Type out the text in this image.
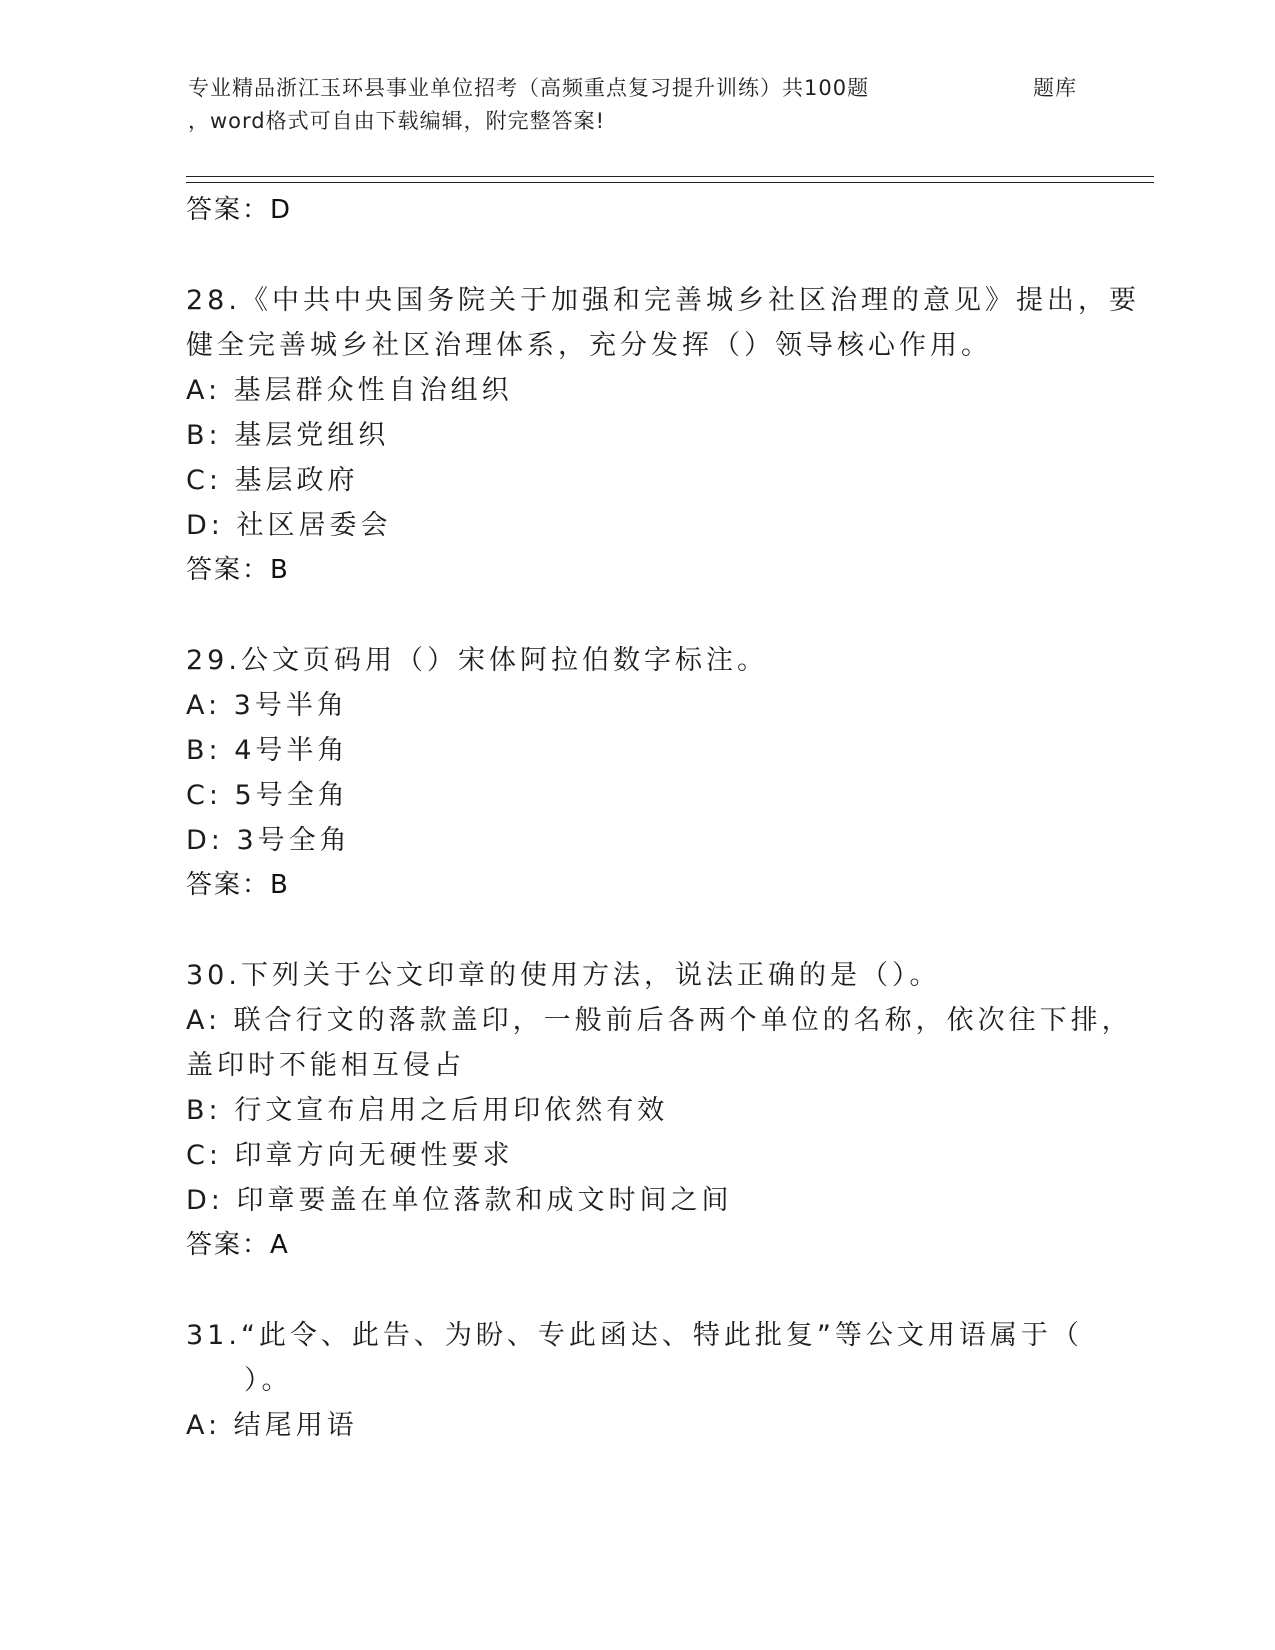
专业精品浙江玉环县事业单位招考（高频重点复习提升训练）共100题	题库
，word格式可自由下载编辑，附完整答案!
答案：D
28.《中共中央国务院关于加强和完善城乡社区治理的意见》提出，要
健全完善城乡社区治理体系，充分发挥（）领导核心作用。
A: 基层群众性自治组织
B: 基层党组织
C: 基层政府
D: 社区居委会
答案：B
29.公文页码用（）宋体阿拉伯数字标注。
A: 3号半角
B: 4号半角
C: 5号全角
D: 3号全角
答案：B
30.下列关于公文印章的使用方法，说法正确的是（）。
A: 联合行文的落款盖印，一般前后各两个单位的名称，依次往下排，
盖印时不能相互侵占
B: 行文宣布启用之后用印依然有效
C: 印章方向无硬性要求
D: 印章要盖在单位落款和成文时间之间
答案：A
31.“此令、此告、为盼、专此函达、特此批复”等公文用语属于（
）。
A: 结尾用语
